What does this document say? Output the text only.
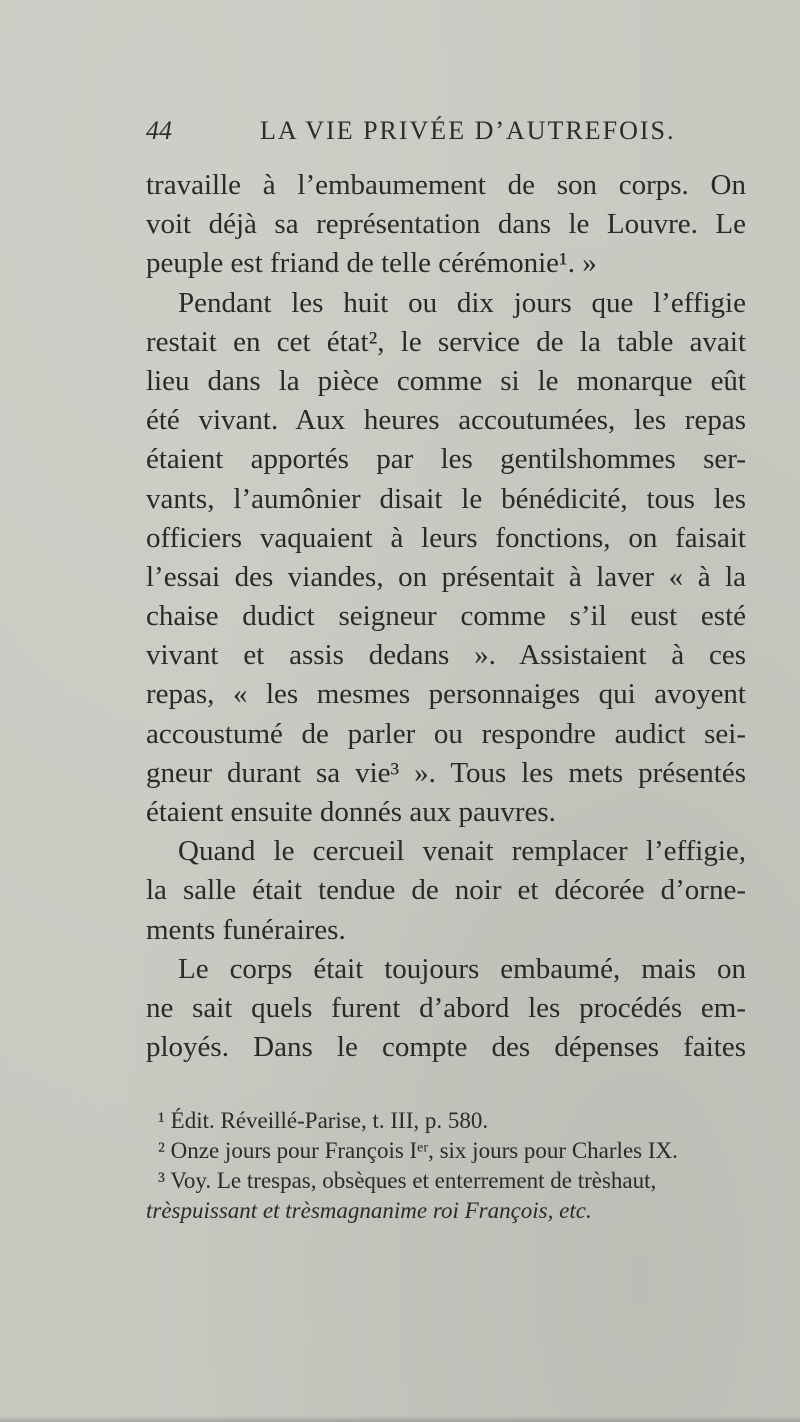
44	LA VIE PRIVÉE D’AUTREFOIS.
travaille à l’embaumement de son corps. On
voit déjà sa représentation dans le Louvre. Le
peuple est friand de telle cérémonie¹. »
Pendant les huit ou dix jours que l’effigie
restait en cet état², le service de la table avait
lieu dans la pièce comme si le monarque eût
été vivant. Aux heures accoutumées, les repas
étaient apportés par les gentilshommes ser-
vants, l’aumônier disait le bénédicité, tous les
officiers vaquaient à leurs fonctions, on faisait
l’essai des viandes, on présentait à laver « à la
chaise dudict seigneur comme s’il eust esté
vivant et assis dedans ». Assistaient à ces
repas, « les mesmes personnaiges qui avoyent
accoustumé de parler ou respondre audict sei-
gneur durant sa vie³ ». Tous les mets présentés
étaient ensuite donnés aux pauvres.
Quand le cercueil venait remplacer l’effigie,
la salle était tendue de noir et décorée d’orne-
ments funéraires.
Le corps était toujours embaumé, mais on
ne sait quels furent d’abord les procédés em-
ployés. Dans le compte des dépenses faites
¹ Édit. Réveillé-Parise, t. III, p. 580.
² Onze jours pour François Iᵉʳ, six jours pour Charles IX.
³ Voy. Le trespas, obsèques et enterrement de trèshaut,
trèspuissant et trèsmagnanime roi François, etc.
